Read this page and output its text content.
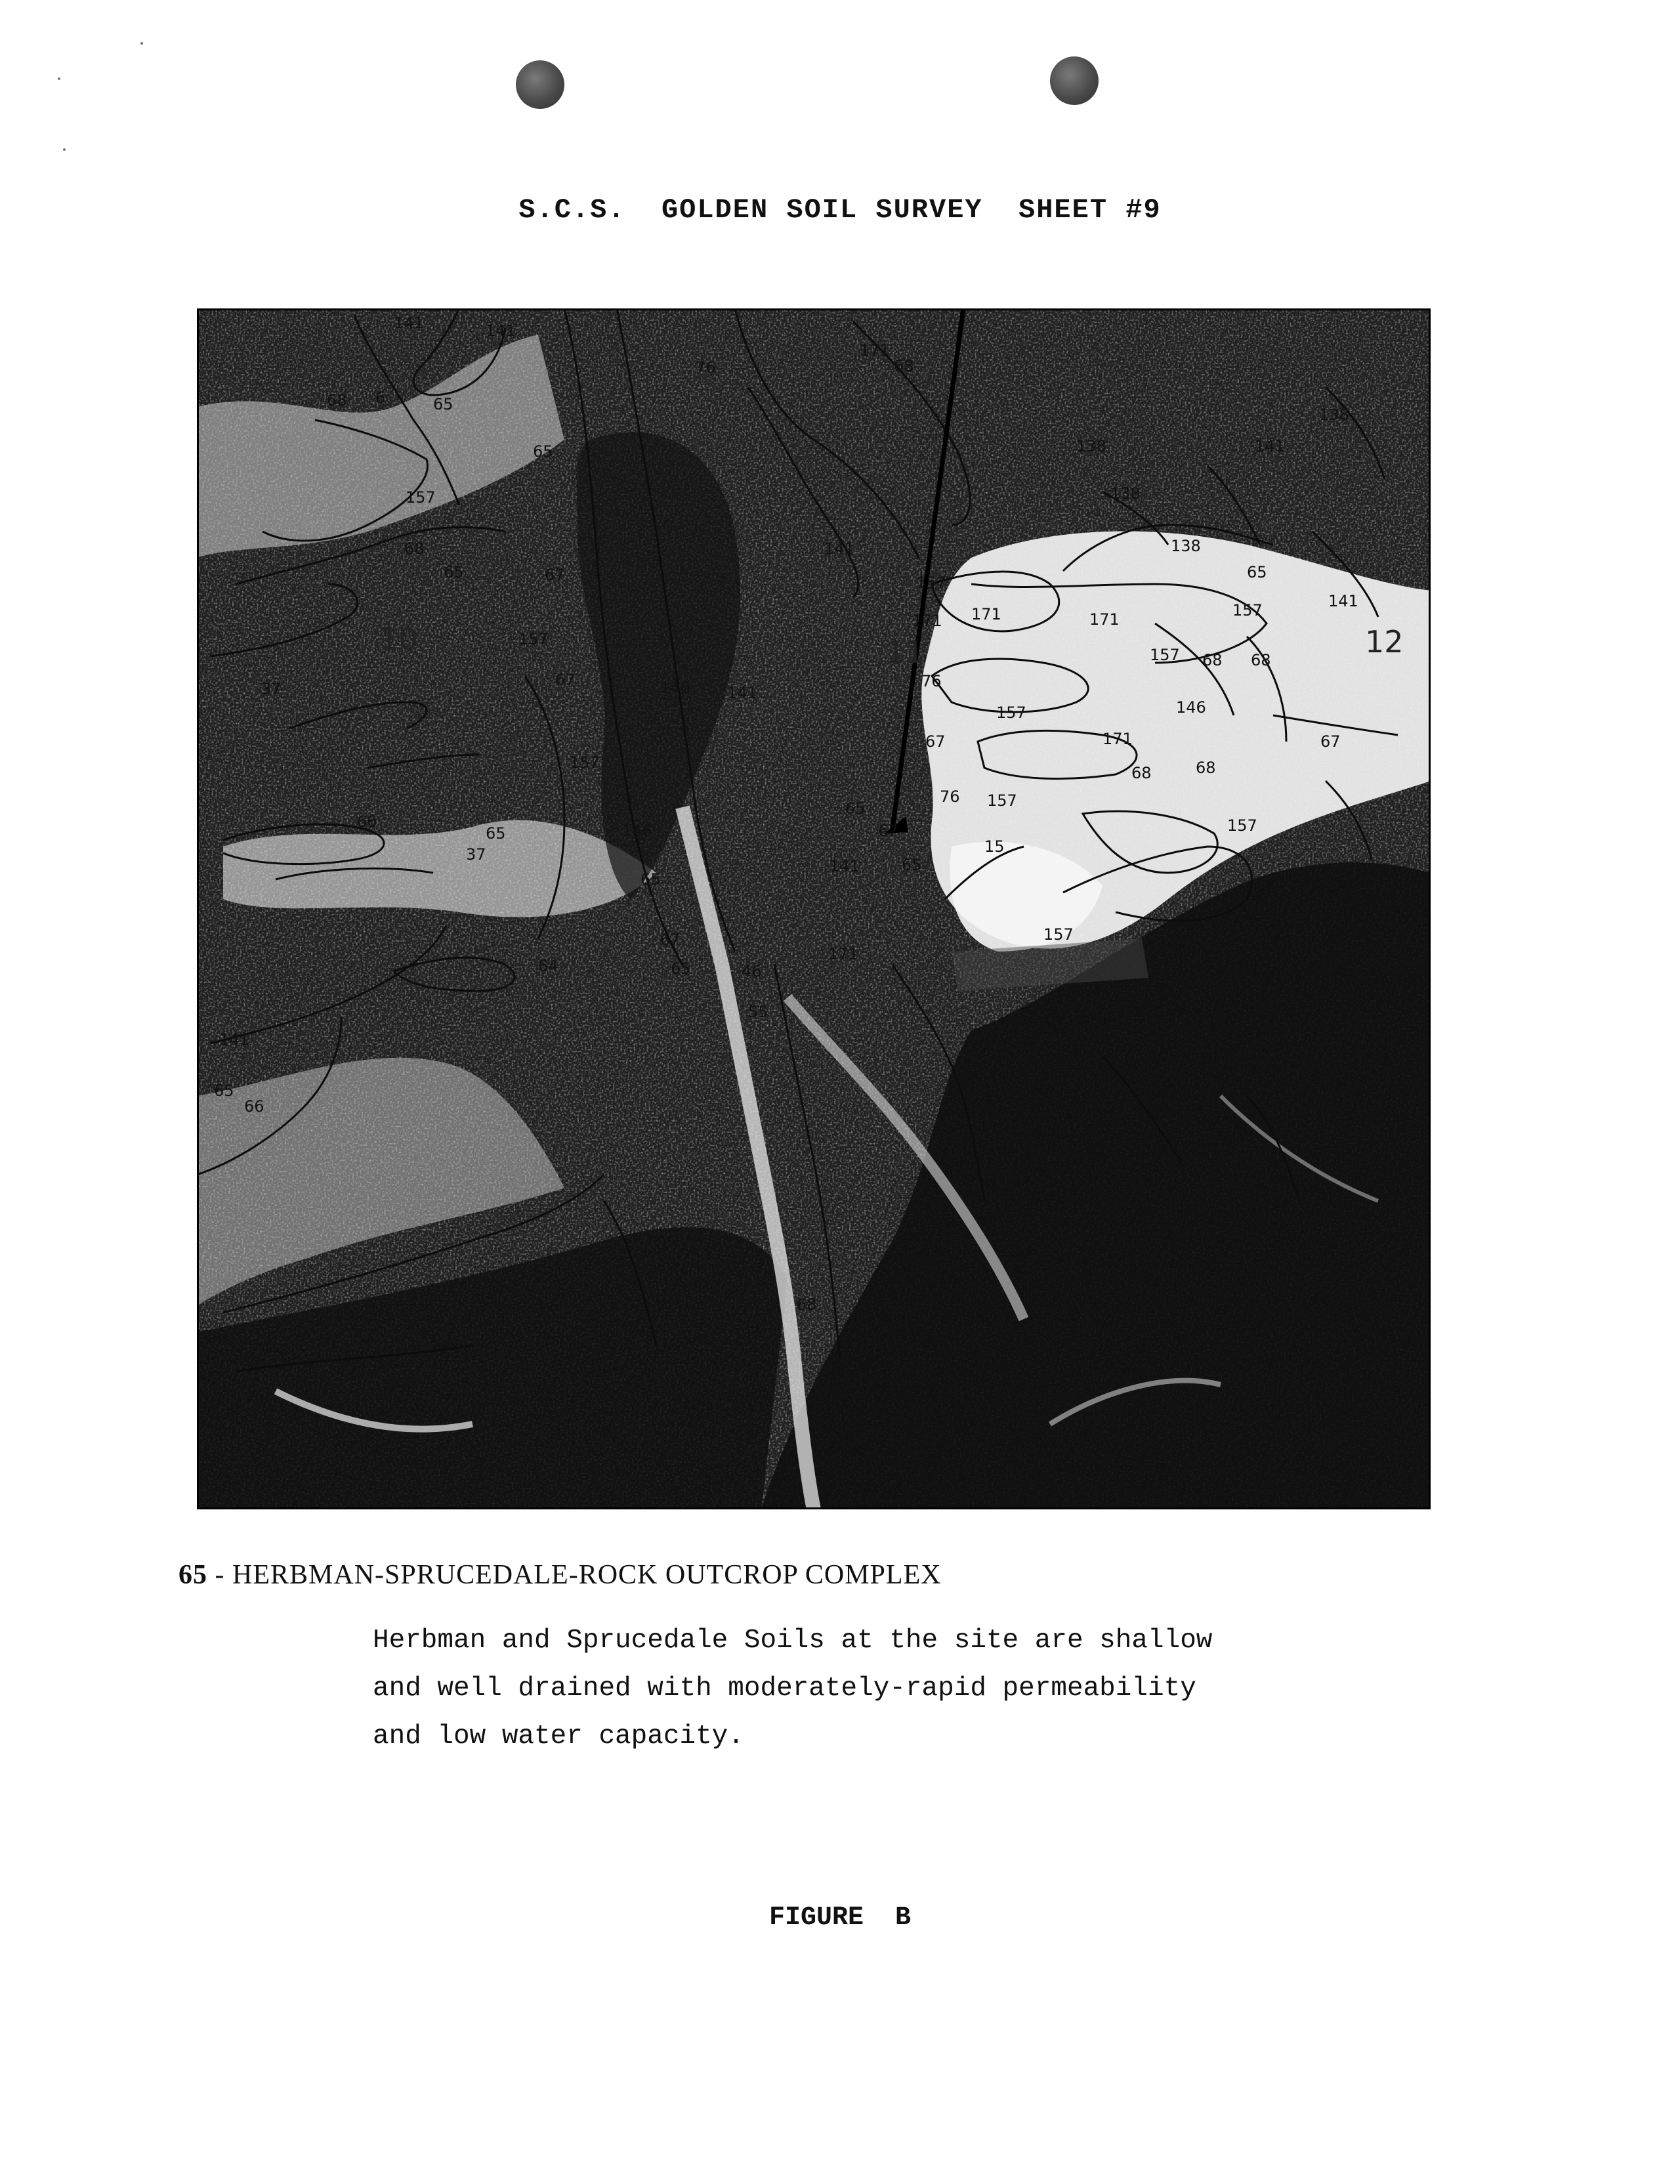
S.C.S.  GOLDEN SOIL SURVEY  SHEET #9
10	11	12
141	141
76
171
68
138
138
138
138
141
141
68 6	65
65
65
157
68
65	67
157
67
37	146 141
157
141
157
171 171	171	157
157 68 68
76
157	146
171
67	67
68	68
76 157
15
157
65
67
141	65
66
65
37
146
65
67
65
64	46
171
157
55
141
65
66
67
157
68
65
65 - HERBMAN-SPRUCEDALE-ROCK OUTCROP COMPLEX
Herbman and Sprucedale Soils at the site are shallow
and well drained with moderately-rapid permeability
and low water capacity.
FIGURE  B
